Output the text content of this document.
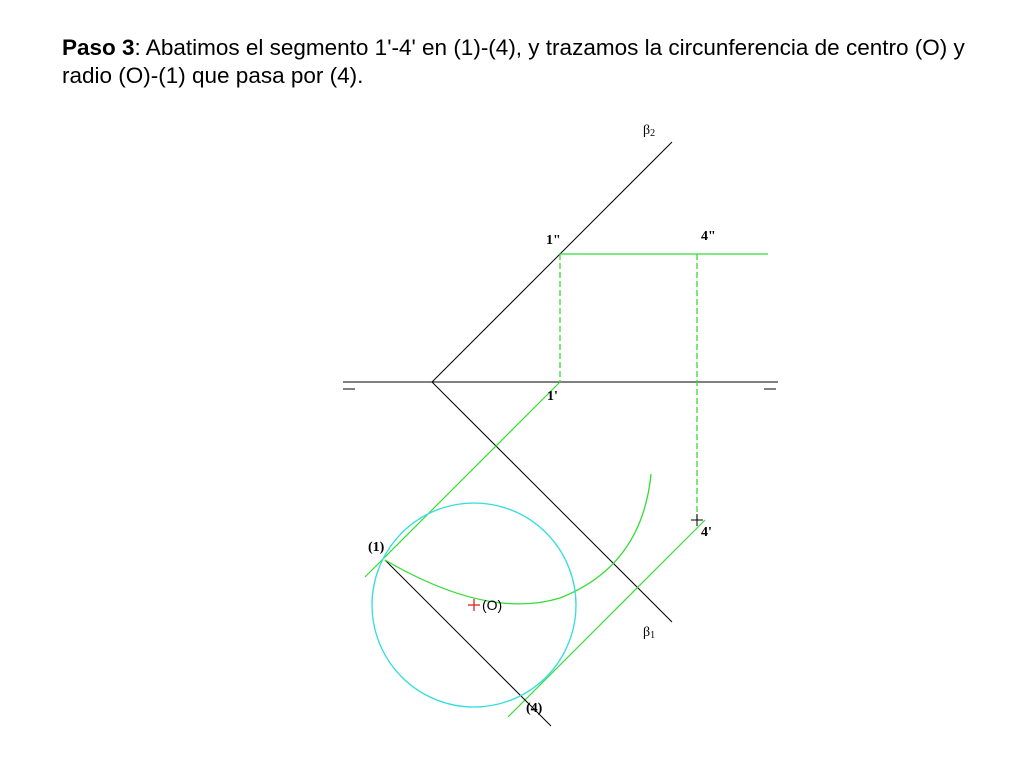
Paso 3: Abatimos el segmento 1'-4' en (1)-(4), y trazamos la circunferencia de centro (O) y radio (O)-(1) que pasa por (4).

β2
β1
1"	4"
1'
4'
(1)
(4)
(O)
